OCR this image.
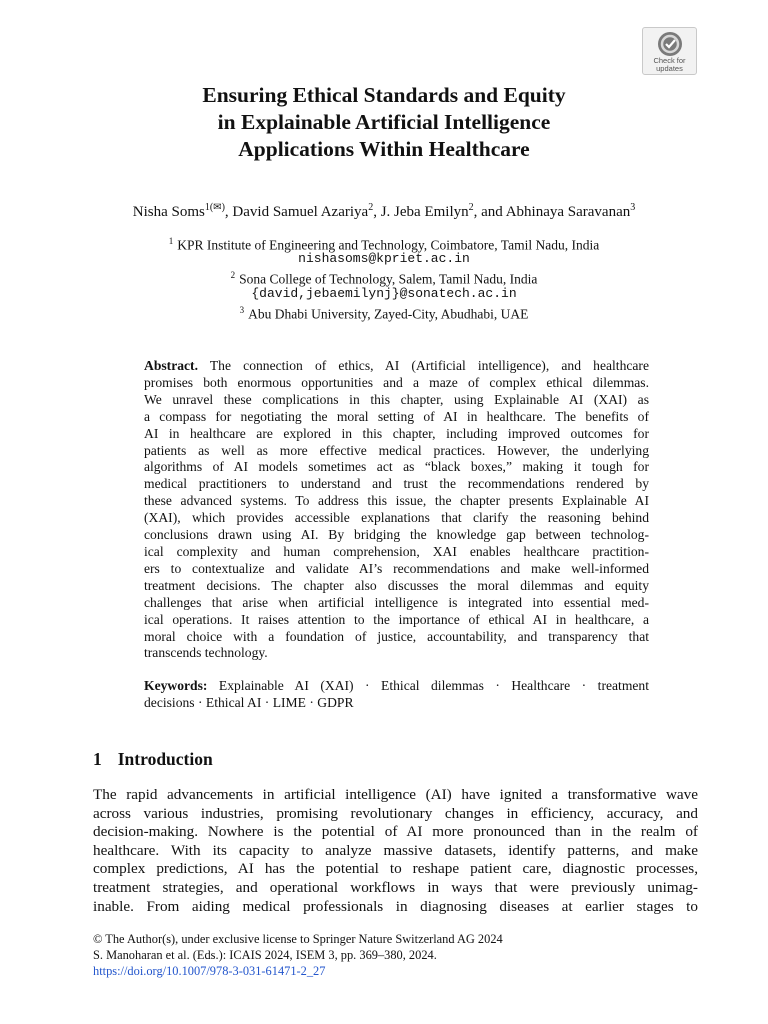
Check for
updates
Ensuring Ethical Standards and Equity
in Explainable Artificial Intelligence
Applications Within Healthcare
Nisha Soms$^{1(✉)}$, David Samuel Azariya$^2$, J. Jeba Emilyn$^2$, and Abhinaya Saravanan$^3$
$^1$ KPR Institute of Engineering and Technology, Coimbatore, Tamil Nadu, India
nishasoms@kpriet.ac.in
$^2$ Sona College of Technology, Salem, Tamil Nadu, India
{david,jebaemilynj}@sonatech.ac.in
$^3$ Abu Dhabi University, Zayed-City, Abudhabi, UAE
Abstract. The connection of ethics, AI (Artificial intelligence), and healthcare
promises both enormous opportunities and a maze of complex ethical dilemmas.
We unravel these complications in this chapter, using Explainable AI (XAI) as
a compass for negotiating the moral setting of AI in healthcare. The benefits of
AI in healthcare are explored in this chapter, including improved outcomes for
patients as well as more effective medical practices. However, the underlying
algorithms of AI models sometimes act as “black boxes,” making it tough for
medical practitioners to understand and trust the recommendations rendered by
these advanced systems. To address this issue, the chapter presents Explainable AI
(XAI), which provides accessible explanations that clarify the reasoning behind
conclusions drawn using AI. By bridging the knowledge gap between technolog-
ical complexity and human comprehension, XAI enables healthcare practition-
ers to contextualize and validate AI’s recommendations and make well-informed
treatment decisions. The chapter also discusses the moral dilemmas and equity
challenges that arise when artificial intelligence is integrated into essential med-
ical operations. It raises attention to the importance of ethical AI in healthcare, a
moral choice with a foundation of justice, accountability, and transparency that
transcends technology.
Keywords: Explainable AI (XAI) · Ethical dilemmas · Healthcare · treatment
decisions · Ethical AI · LIME · GDPR
1 Introduction
The rapid advancements in artificial intelligence (AI) have ignited a transformative wave
across various industries, promising revolutionary changes in efficiency, accuracy, and
decision-making. Nowhere is the potential of AI more pronounced than in the realm of
healthcare. With its capacity to analyze massive datasets, identify patterns, and make
complex predictions, AI has the potential to reshape patient care, diagnostic processes,
treatment strategies, and operational workflows in ways that were previously unimag-
inable. From aiding medical professionals in diagnosing diseases at earlier stages to
© The Author(s), under exclusive license to Springer Nature Switzerland AG 2024
S. Manoharan et al. (Eds.): ICAIS 2024, ISEM 3, pp. 369–380, 2024.
https://doi.org/10.1007/978-3-031-61471-2_27
